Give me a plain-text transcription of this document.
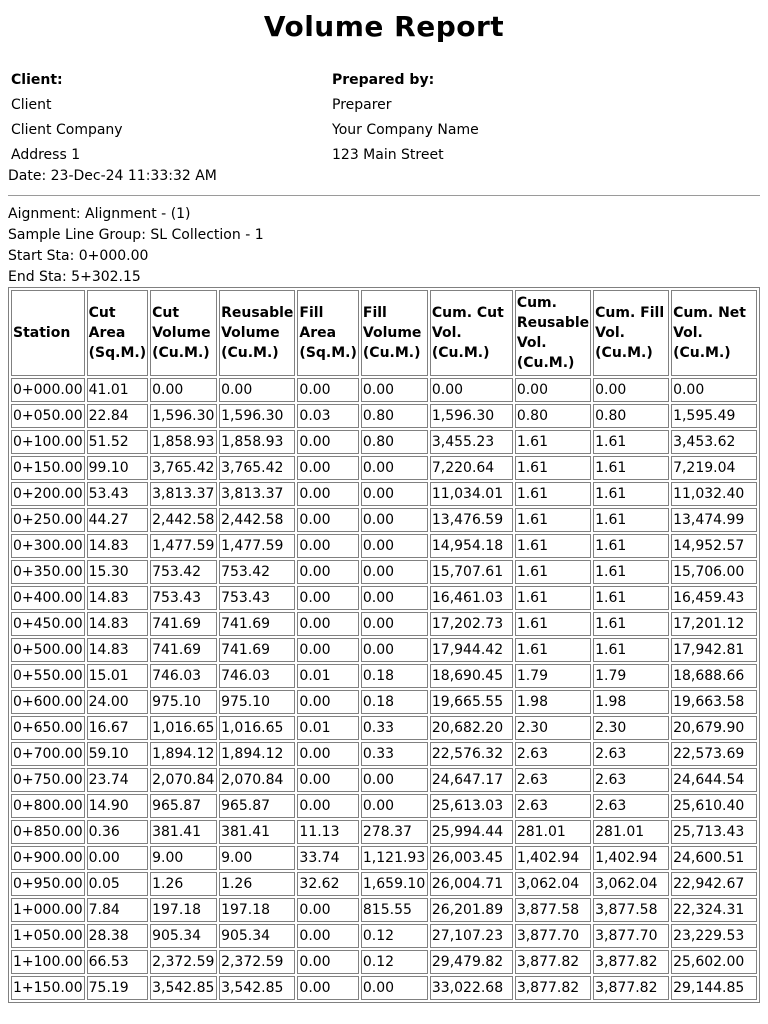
Volume Report
Client:
Client
Client Company
Address 1
Prepared by:
Preparer
Your Company Name
123 Main Street
Date: 23-Dec-24 11:33:32 AM
Aignment: Alignment - (1)
Sample Line Group: SL Collection - 1
Start Sta: 0+000.00
End Sta: 5+302.15
Station	Cut Area (Sq.M.)	Cut Volume (Cu.M.)	Reusable Volume (Cu.M.)	Fill Area (Sq.M.)	Fill Volume (Cu.M.)	Cum. Cut Vol. (Cu.M.)	Cum. Reusable Vol. (Cu.M.)	Cum. Fill Vol. (Cu.M.)	Cum. Net Vol. (Cu.M.)
0+000.00	41.01	0.00	0.00	0.00	0.00	0.00	0.00	0.00	0.00
0+050.00	22.84	1,596.30	1,596.30	0.03	0.80	1,596.30	0.80	0.80	1,595.49
0+100.00	51.52	1,858.93	1,858.93	0.00	0.80	3,455.23	1.61	1.61	3,453.62
0+150.00	99.10	3,765.42	3,765.42	0.00	0.00	7,220.64	1.61	1.61	7,219.04
0+200.00	53.43	3,813.37	3,813.37	0.00	0.00	11,034.01	1.61	1.61	11,032.40
0+250.00	44.27	2,442.58	2,442.58	0.00	0.00	13,476.59	1.61	1.61	13,474.99
0+300.00	14.83	1,477.59	1,477.59	0.00	0.00	14,954.18	1.61	1.61	14,952.57
0+350.00	15.30	753.42	753.42	0.00	0.00	15,707.61	1.61	1.61	15,706.00
0+400.00	14.83	753.43	753.43	0.00	0.00	16,461.03	1.61	1.61	16,459.43
0+450.00	14.83	741.69	741.69	0.00	0.00	17,202.73	1.61	1.61	17,201.12
0+500.00	14.83	741.69	741.69	0.00	0.00	17,944.42	1.61	1.61	17,942.81
0+550.00	15.01	746.03	746.03	0.01	0.18	18,690.45	1.79	1.79	18,688.66
0+600.00	24.00	975.10	975.10	0.00	0.18	19,665.55	1.98	1.98	19,663.58
0+650.00	16.67	1,016.65	1,016.65	0.01	0.33	20,682.20	2.30	2.30	20,679.90
0+700.00	59.10	1,894.12	1,894.12	0.00	0.33	22,576.32	2.63	2.63	22,573.69
0+750.00	23.74	2,070.84	2,070.84	0.00	0.00	24,647.17	2.63	2.63	24,644.54
0+800.00	14.90	965.87	965.87	0.00	0.00	25,613.03	2.63	2.63	25,610.40
0+850.00	0.36	381.41	381.41	11.13	278.37	25,994.44	281.01	281.01	25,713.43
0+900.00	0.00	9.00	9.00	33.74	1,121.93	26,003.45	1,402.94	1,402.94	24,600.51
0+950.00	0.05	1.26	1.26	32.62	1,659.10	26,004.71	3,062.04	3,062.04	22,942.67
1+000.00	7.84	197.18	197.18	0.00	815.55	26,201.89	3,877.58	3,877.58	22,324.31
1+050.00	28.38	905.34	905.34	0.00	0.12	27,107.23	3,877.70	3,877.70	23,229.53
1+100.00	66.53	2,372.59	2,372.59	0.00	0.12	29,479.82	3,877.82	3,877.82	25,602.00
1+150.00	75.19	3,542.85	3,542.85	0.00	0.00	33,022.68	3,877.82	3,877.82	29,144.85
